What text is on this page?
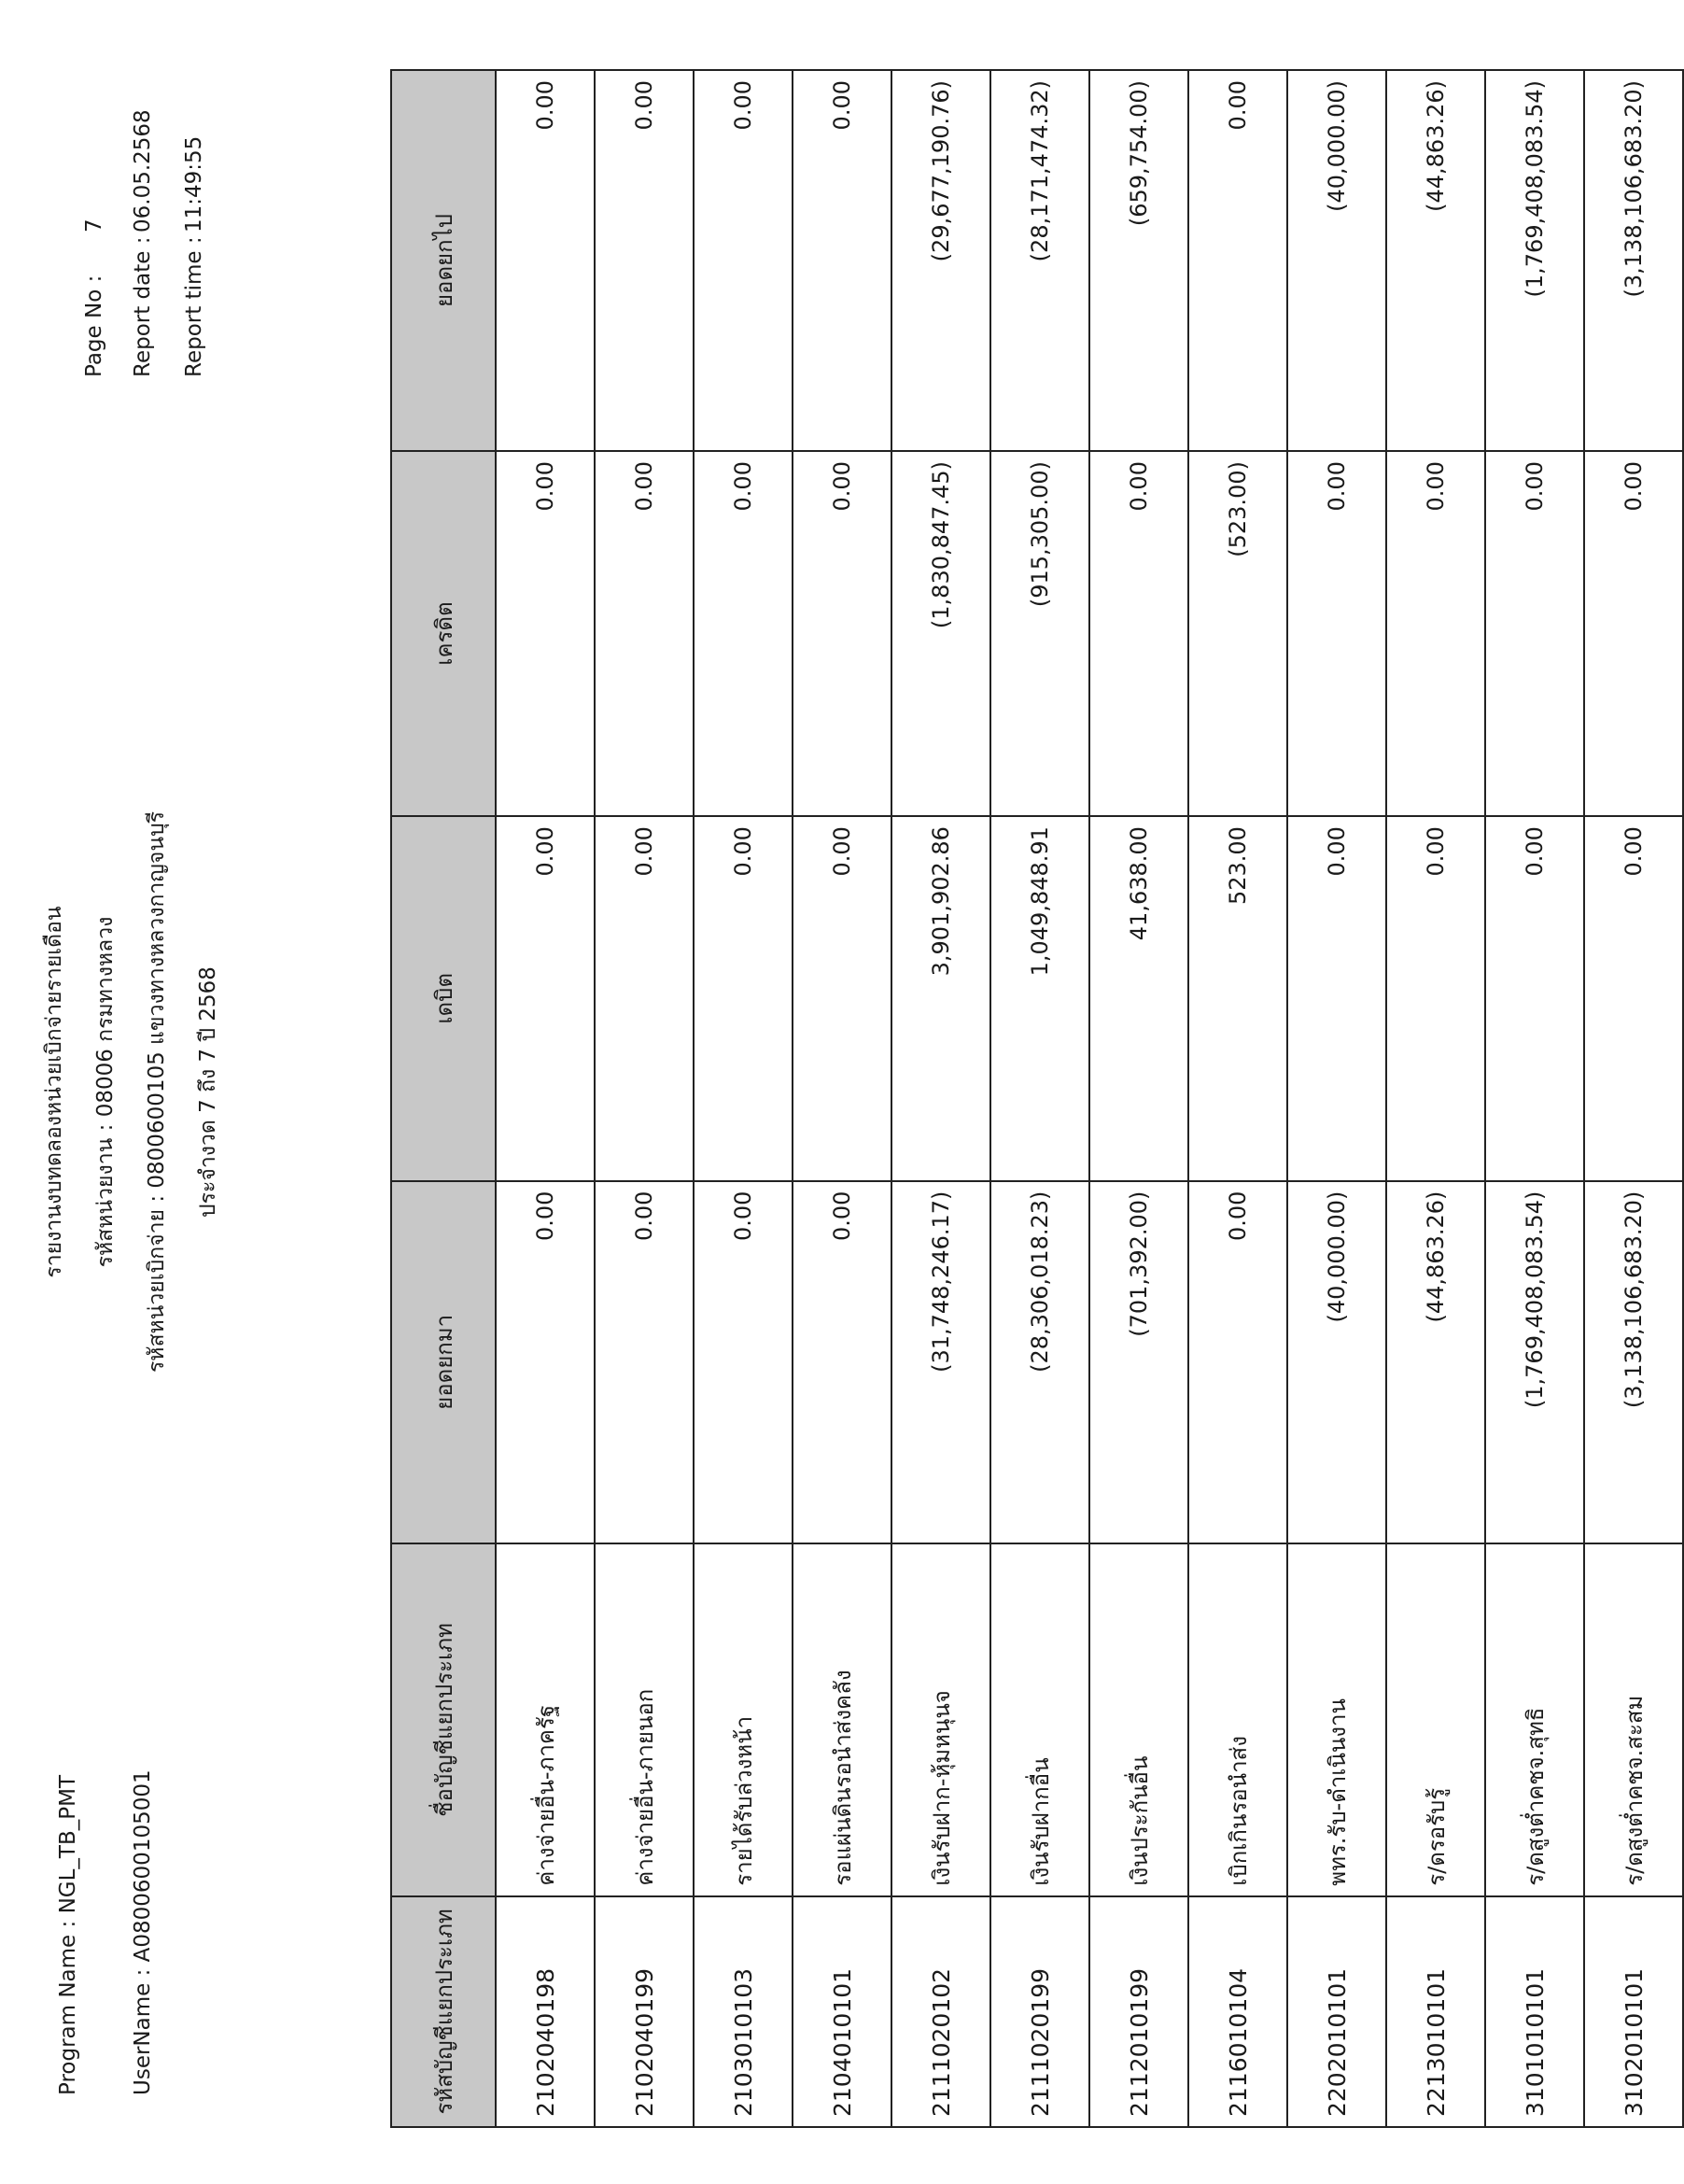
Program Name : NGL_TB_PMT UserName : A0800600105001
รายงานงบทดลองหน่วยเบิกจ่ายรายเดือน รหัสหน่วยงาน : 08006 กรมทางหลวง รหัสหน่วยเบิกจ่าย : 0800600105 แขวงทางหลวงกาญจนบุรี ประจำงวด 7 ถึง 7 ปี 2568
Page No :
7
Report date :
06.05.2568
Report time :
11:49:55
รหัสบัญชีแยกประเภท	ชื่อบัญชีแยกประเภท	ยอดยกมา	เดบิต	เครดิต	ยอดยกไป
2102040198	ค่างจ่ายอื่น-ภาครัฐ	0.00	0.00	0.00	0.00
2102040199	ค่างจ่ายอื่น-ภายนอก	0.00	0.00	0.00	0.00
2103010103	รายได้รับล่วงหน้า	0.00	0.00	0.00	0.00
2104010101	รอแผ่นดินรอนำส่งคลัง	0.00	0.00	0.00	0.00
2111020102	เงินรับฝาก-หุ้มหนุนจ	(31,748,246.17)	3,901,902.86	(1,830,847.45)	(29,677,190.76)
2111020199	เงินรับฝากอื่น	(28,306,018.23)	1,049,848.91	(915,305.00)	(28,171,474.32)
2112010199	เงินประกันอื่น	(701,392.00)	41,638.00	0.00	(659,754.00)
2116010104	เบิกเกินรอนำส่ง	0.00	523.00	(523.00)	0.00
2202010101	พทร.รับ-ดำเนินงาน	(40,000.00)	0.00	0.00	(40,000.00)
2213010101	ร/ดรอรับรู้	(44,863.26)	0.00	0.00	(44,863.26)
3101010101	ร/ดสูงต่ำคชจ.สุทธิ	(1,769,408,083.54)	0.00	0.00	(1,769,408,083.54)
3102010101	ร/ดสูงต่ำคชจ.สะสม	(3,138,106,683.20)	0.00	0.00	(3,138,106,683.20)
